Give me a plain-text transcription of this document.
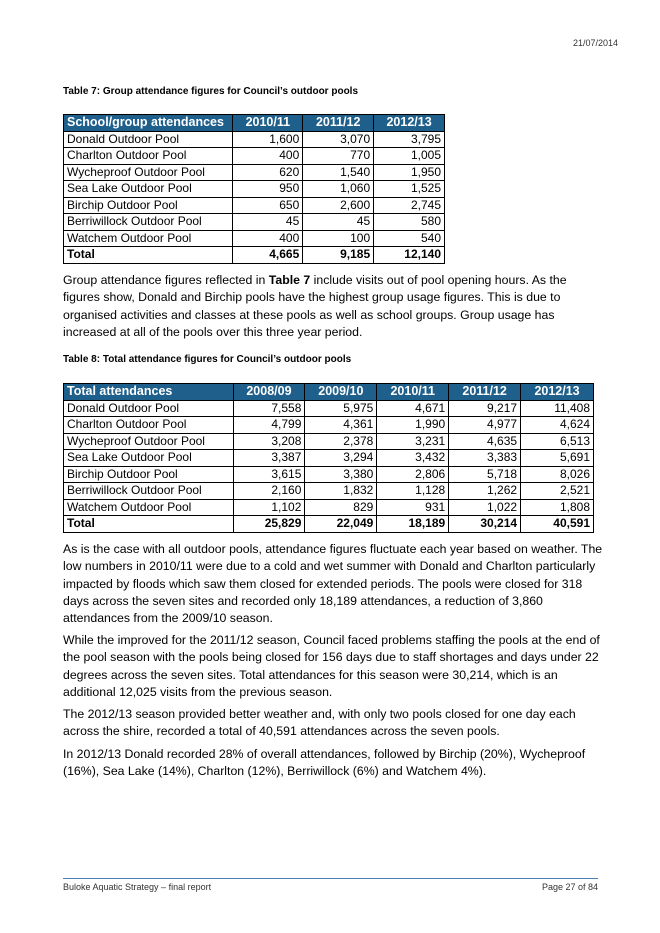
21/07/2014
Table 7: Group attendance figures for Council’s outdoor pools
School/group attendances	2010/11	2011/12	2012/13
Donald Outdoor Pool	1,600	3,070	3,795
Charlton Outdoor Pool	400	770	1,005
Wycheproof Outdoor Pool	620	1,540	1,950
Sea Lake Outdoor Pool	950	1,060	1,525
Birchip Outdoor Pool	650	2,600	2,745
Berriwillock Outdoor Pool	45	45	580
Watchem Outdoor Pool	400	100	540
Total	4,665	9,185	12,140

Group attendance figures reflected in Table 7 include visits out of pool opening hours. As the figures show, Donald and Birchip pools have the highest group usage figures. This is due to organised activities and classes at these pools as well as school groups. Group usage has increased at all of the pools over this three year period.

Table 8: Total attendance figures for Council’s outdoor pools
Total attendances	2008/09	2009/10	2010/11	2011/12	2012/13
Donald Outdoor Pool	7,558	5,975	4,671	9,217	11,408
Charlton Outdoor Pool	4,799	4,361	1,990	4,977	4,624
Wycheproof Outdoor Pool	3,208	2,378	3,231	4,635	6,513
Sea Lake Outdoor Pool	3,387	3,294	3,432	3,383	5,691
Birchip Outdoor Pool	3,615	3,380	2,806	5,718	8,026
Berriwillock Outdoor Pool	2,160	1,832	1,128	1,262	2,521
Watchem Outdoor Pool	1,102	829	931	1,022	1,808
Total	25,829	22,049	18,189	30,214	40,591

As is the case with all outdoor pools, attendance figures fluctuate each year based on weather. The low numbers in 2010/11 were due to a cold and wet summer with Donald and Charlton particularly impacted by floods which saw them closed for extended periods. The pools were closed for 318 days across the seven sites and recorded only 18,189 attendances, a reduction of 3,860 attendances from the 2009/10 season.

While the improved for the 2011/12 season, Council faced problems staffing the pools at the end of the pool season with the pools being closed for 156 days due to staff shortages and days under 22 degrees across the seven sites. Total attendances for this season were 30,214, which is an additional 12,025 visits from the previous season.

The 2012/13 season provided better weather and, with only two pools closed for one day each across the shire, recorded a total of 40,591 attendances across the seven pools.

In 2012/13 Donald recorded 28% of overall attendances, followed by Birchip (20%), Wycheproof (16%), Sea Lake (14%), Charlton (12%), Berriwillock (6%) and Watchem 4%).

Buloke Aquatic Strategy – final report	Page 27 of 84
